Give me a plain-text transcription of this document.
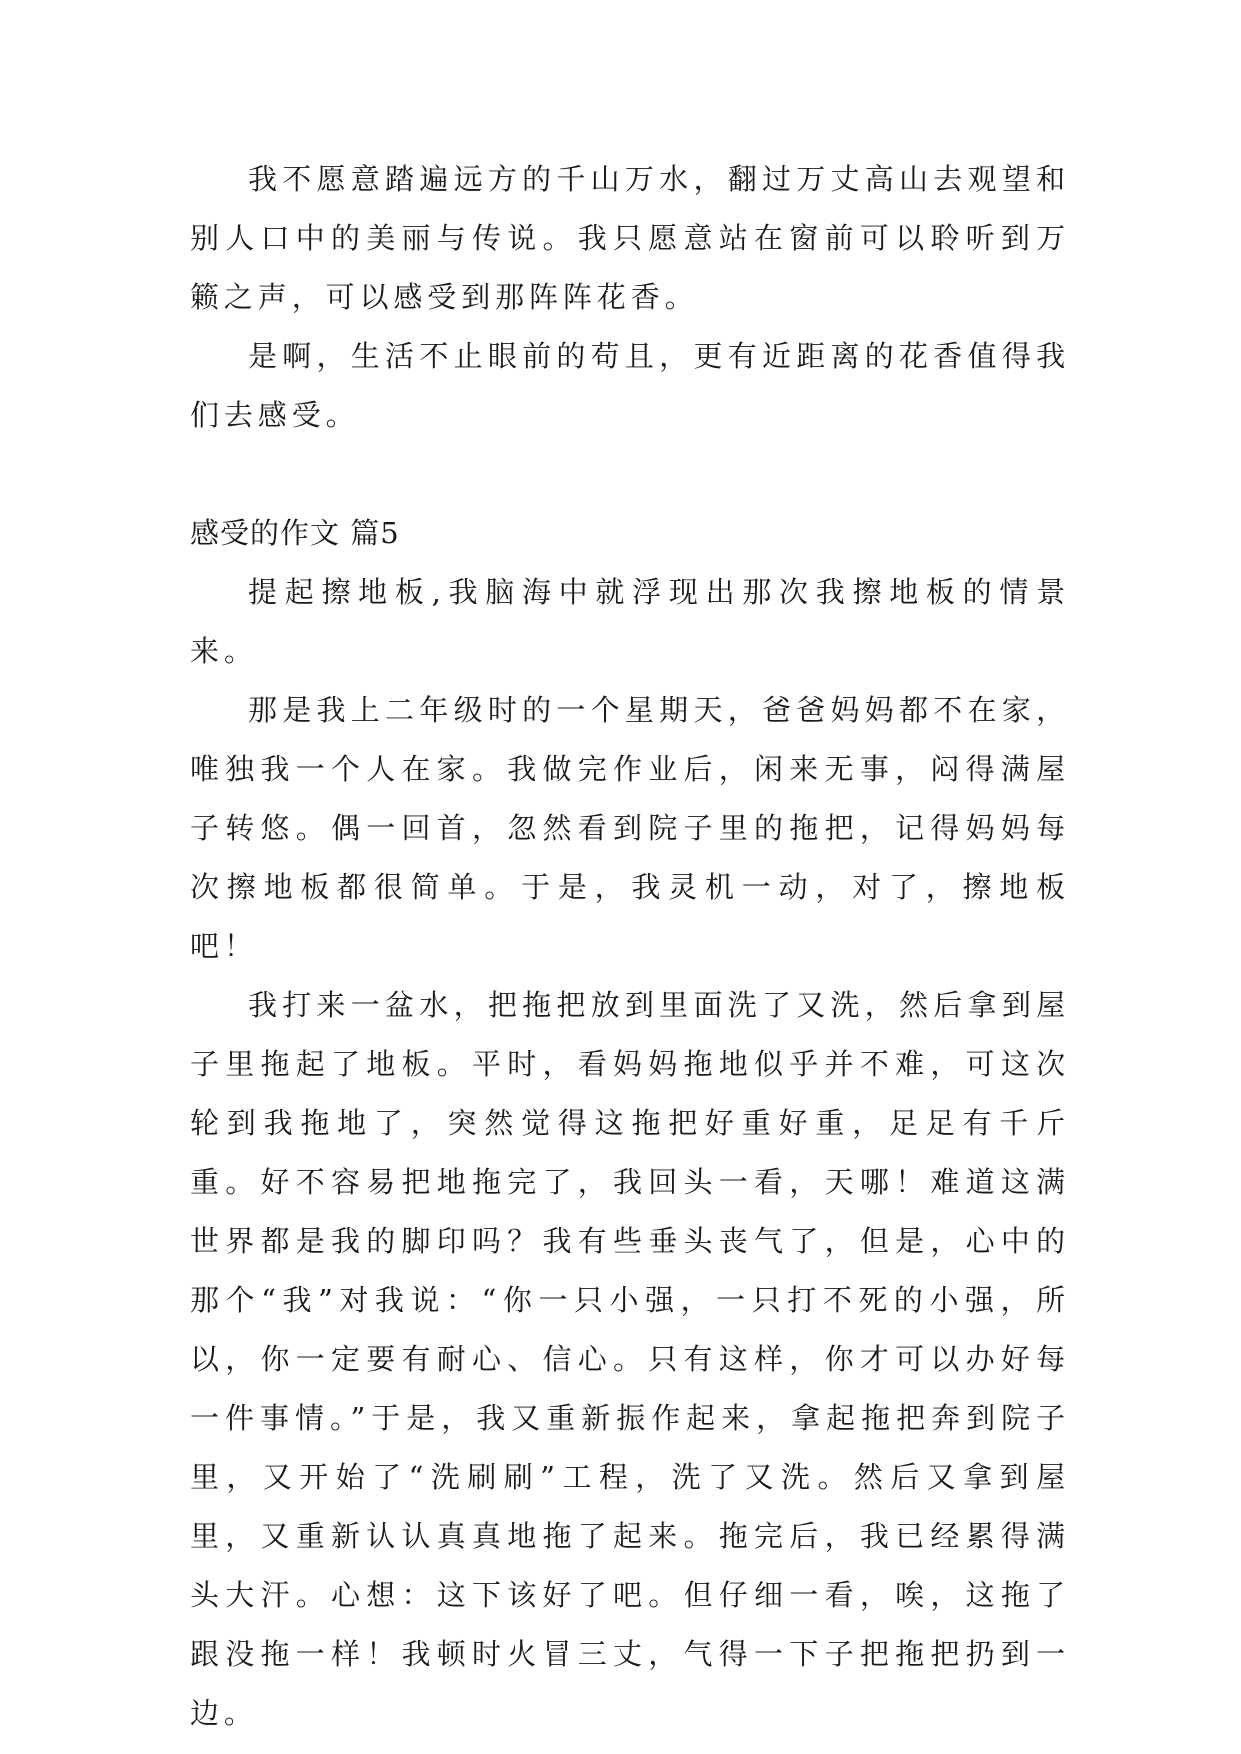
我不愿意踏遍远方的千山万水，翻过万丈高山去观望和别人口中的美丽与传说。我只愿意站在窗前可以聆听到万籁之声，可以感受到那阵阵花香。

是啊，生活不止眼前的苟且，更有近距离的花香值得我们去感受。

感受的作文 篇5

提起擦地板,我脑海中就浮现出那次我擦地板的情景来。

那是我上二年级时的一个星期天，爸爸妈妈都不在家，唯独我一个人在家。我做完作业后，闲来无事，闷得满屋子转悠。偶一回首，忽然看到院子里的拖把，记得妈妈每次擦地板都很简单。于是，我灵机一动，对了，擦地板吧！

我打来一盆水，把拖把放到里面洗了又洗，然后拿到屋子里拖起了地板。平时，看妈妈拖地似乎并不难，可这次轮到我拖地了，突然觉得这拖把好重好重，足足有千斤重。好不容易把地拖完了，我回头一看，天哪！难道这满世界都是我的脚印吗？我有些垂头丧气了，但是，心中的那个“我”对我说：“你一只小强，一只打不死的小强，所以，你一定要有耐心、信心。只有这样，你才可以办好每一件事情。”于是，我又重新振作起来，拿起拖把奔到院子里，又开始了“洗刷刷”工程，洗了又洗。然后又拿到屋里，又重新认认真真地拖了起来。拖完后，我已经累得满头大汗。心想：这下该好了吧。但仔细一看，唉，这拖了跟没拖一样！我顿时火冒三丈，气得一下子把拖把扔到一边。
